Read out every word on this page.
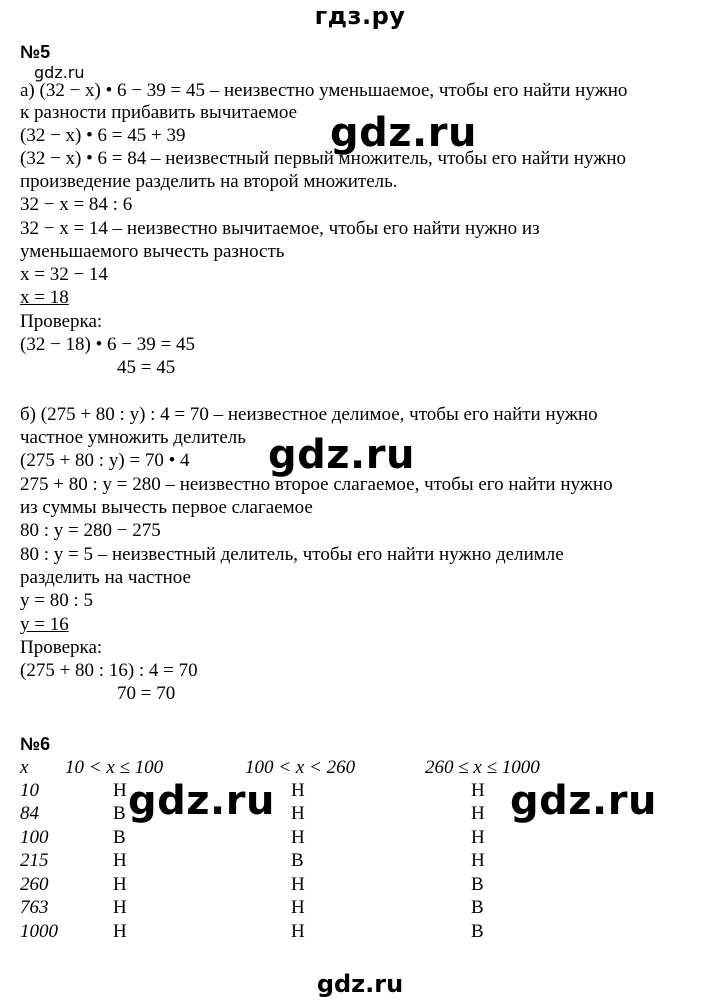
гдз.ру
№5
gdz.ru
а) (32 − x) • 6 − 39 = 45 – неизвестно уменьшаемое, чтобы его найти нужно
к разности прибавить вычитаемое
(32 − x) • 6 = 45 + 39
(32 − x) • 6 = 84 – неизвестный первый множитель, чтобы его найти нужно
произведение разделить на второй множитель.
32 − x = 84 : 6
32 − x = 14 – неизвестно вычитаемое, чтобы его найти нужно из
уменьшаемого вычесть разность
x = 32 − 14
x = 18
Проверка:
(32 − 18) • 6 − 39 = 45
45 = 45
gdz.ru
б) (275 + 80 : y) : 4 = 70 – неизвестное делимое, чтобы его найти нужно
частное умножить делитель
(275 + 80 : y) = 70 • 4
275 + 80 : y = 280 – неизвестно второе слагаемое, чтобы его найти нужно
из суммы вычесть первое слагаемое
80 : y = 280 − 275
80 : y = 5 – неизвестный делитель, чтобы его найти нужно делимле
разделить на частное
y = 80 : 5
y = 16
Проверка:
(275 + 80 : 16) : 4 = 70
70 = 70
gdz.ru
№6
x 10 < x ≤ 100	100 < x < 260	260 ≤ x ≤ 1000
10	Н	Н	Н
84	В	Н	Н
100	В	Н	Н
215	Н	В	Н
260	Н	Н	В
763	Н	Н	В
1000	Н	Н	В
gdz.ru	gdz.ru
gdz.ru
